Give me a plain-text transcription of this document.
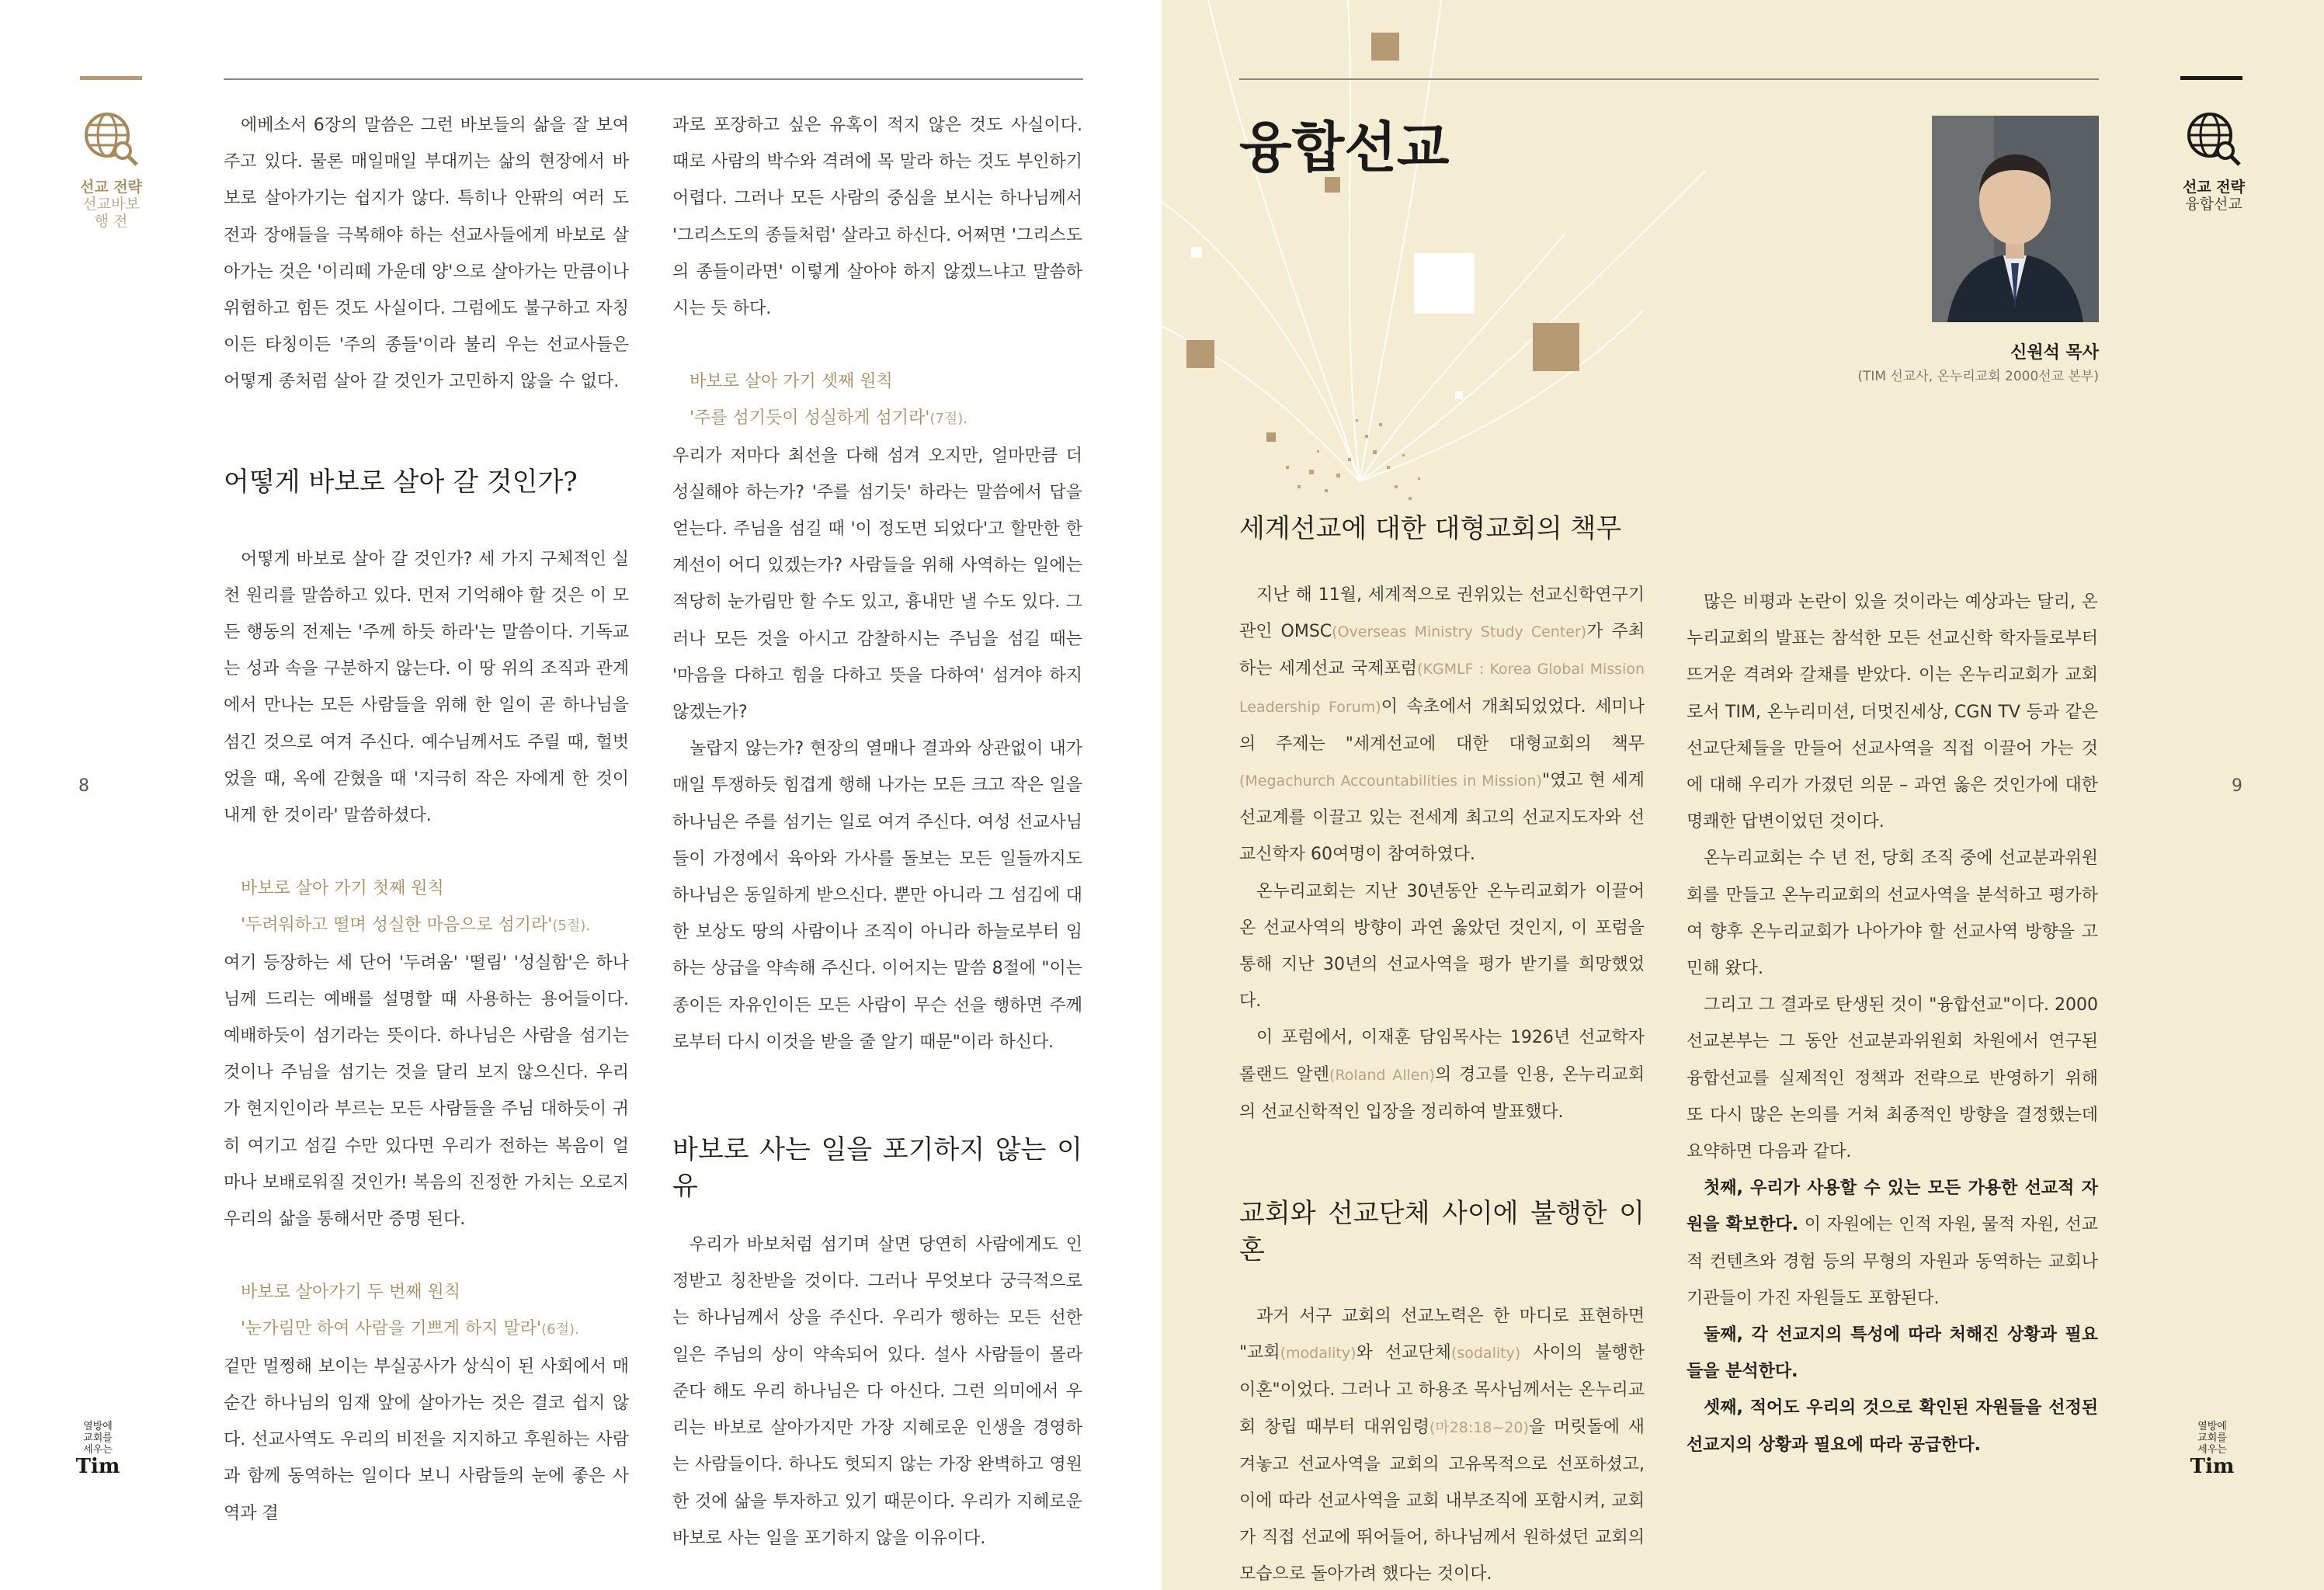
선교 전략
선교바보 행 전
8
열방에 교회를 세우는
Tim

에베소서 6장의 말씀은 그런 바보들의 삶을 잘 보여 주고 있다. 물론 매일매일 부대끼는 삶의 현장에서 바보로 살아가기는 쉽지가 않다. 특히나 안팎의 여러 도전과 장애들을 극복해야 하는 선교사들에게 바보로 살아가는 것은 '이리떼 가운데 양'으로 살아가는 만큼이나 위험하고 힘든 것도 사실이다. 그럼에도 불구하고 자칭이든 타칭이든 '주의 종들'이라 불리 우는 선교사들은 어떻게 종처럼 살아 갈 것인가 고민하지 않을 수 없다.

어떻게 바보로 살아 갈 것인가?

어떻게 바보로 살아 갈 것인가? 세 가지 구체적인 실천 원리를 말씀하고 있다. 먼저 기억해야 할 것은 이 모든 행동의 전제는 '주께 하듯 하라'는 말씀이다. 기독교는 성과 속을 구분하지 않는다. 이 땅 위의 조직과 관계에서 만나는 모든 사람들을 위해 한 일이 곧 하나님을 섬긴 것으로 여겨 주신다. 예수님께서도 주릴 때, 헐벗었을 때, 옥에 갇혔을 때 '지극히 작은 자에게 한 것이 내게 한 것이라' 말씀하셨다.

바보로 살아 가기 첫째 원칙

'두려워하고 떨며 성실한 마음으로 섬기라'(5절).

여기 등장하는 세 단어 '두려움' '떨림' '성실함'은 하나님께 드리는 예배를 설명할 때 사용하는 용어들이다. 예배하듯이 섬기라는 뜻이다. 하나님은 사람을 섬기는 것이나 주님을 섬기는 것을 달리 보지 않으신다. 우리가 현지인이라 부르는 모든 사람들을 주님 대하듯이 귀히 여기고 섬길 수만 있다면 우리가 전하는 복음이 얼마나 보배로워질 것인가! 복음의 진정한 가치는 오로지 우리의 삶을 통해서만 증명 된다.

바보로 살아가기 두 번째 원칙

'눈가림만 하여 사람을 기쁘게 하지 말라'(6절).

겉만 멀쩡해 보이는 부실공사가 상식이 된 사회에서 매 순간 하나님의 임재 앞에 살아가는 것은 결코 쉽지 않다. 선교사역도 우리의 비전을 지지하고 후원하는 사람과 함께 동역하는 일이다 보니 사람들의 눈에 좋은 사역과 결

과로 포장하고 싶은 유혹이 적지 않은 것도 사실이다. 때로 사람의 박수와 격려에 목 말라 하는 것도 부인하기 어렵다. 그러나 모든 사람의 중심을 보시는 하나님께서 '그리스도의 종들처럼' 살라고 하신다. 어쩌면 '그리스도의 종들이라면' 이렇게 살아야 하지 않겠느냐고 말씀하시는 듯 하다.

바보로 살아 가기 셋째 원칙

'주를 섬기듯이 성실하게 섬기라'(7절).

우리가 저마다 최선을 다해 섬겨 오지만, 얼마만큼 더 성실해야 하는가? '주를 섬기듯' 하라는 말씀에서 답을 얻는다. 주님을 섬길 때 '이 정도면 되었다'고 할만한 한계선이 어디 있겠는가? 사람들을 위해 사역하는 일에는 적당히 눈가림만 할 수도 있고, 흉내만 낼 수도 있다. 그러나 모든 것을 아시고 감찰하시는 주님을 섬길 때는 '마음을 다하고 힘을 다하고 뜻을 다하여' 섬겨야 하지 않겠는가?

놀랍지 않는가? 현장의 열매나 결과와 상관없이 내가 매일 투쟁하듯 힘겹게 행해 나가는 모든 크고 작은 일을 하나님은 주를 섬기는 일로 여겨 주신다. 여성 선교사님들이 가정에서 육아와 가사를 돌보는 모든 일들까지도 하나님은 동일하게 받으신다. 뿐만 아니라 그 섬김에 대한 보상도 땅의 사람이나 조직이 아니라 하늘로부터 임하는 상급을 약속해 주신다. 이어지는 말씀 8절에 "이는 종이든 자유인이든 모든 사람이 무슨 선을 행하면 주께로부터 다시 이것을 받을 줄 알기 때문"이라 하신다.

바보로 사는 일을 포기하지 않는 이유

우리가 바보처럼 섬기며 살면 당연히 사람에게도 인정받고 칭찬받을 것이다. 그러나 무엇보다 궁극적으로는 하나님께서 상을 주신다. 우리가 행하는 모든 선한 일은 주님의 상이 약속되어 있다. 설사 사람들이 몰라 준다 해도 우리 하나님은 다 아신다. 그런 의미에서 우리는 바보로 살아가지만 가장 지혜로운 인생을 경영하는 사람들이다. 하나도 헛되지 않는 가장 완벽하고 영원한 것에 삶을 투자하고 있기 때문이다. 우리가 지혜로운 바보로 사는 일을 포기하지 않을 이유이다.

선교 전략
융합선교
9
열방에 교회를 세우는
Tim
융합선교
신원석 목사
(TIM 선교사, 온누리교회 2000선교 본부)
세계선교에 대한 대형교회의 책무

지난 해 11월, 세계적으로 권위있는 선교신학연구기관인 OMSC(Overseas Ministry Study Center)가 주최하는 세계선교 국제포럼(KGMLF : Korea Global Mission Leadership Forum)이 속초에서 개최되었었다. 세미나의 주제는 "세계선교에 대한 대형교회의 책무(Megachurch Accountabilities in Mission)"였고 현 세계 선교계를 이끌고 있는 전세계 최고의 선교지도자와 선교신학자 60여명이 참여하였다.

온누리교회는 지난 30년동안 온누리교회가 이끌어 온 선교사역의 방향이 과연 옳았던 것인지, 이 포럼을 통해 지난 30년의 선교사역을 평가 받기를 희망했었다.

이 포럼에서, 이재훈 담임목사는 1926년 선교학자 롤랜드 알렌(Roland Allen)의 경고를 인용, 온누리교회의 선교신학적인 입장을 정리하여 발표했다.

교회와 선교단체 사이에 불행한 이혼

과거 서구 교회의 선교노력은 한 마디로 표현하면 "교회(modality)와 선교단체(sodality) 사이의 불행한 이혼"이었다. 그러나 고 하용조 목사님께서는 온누리교회 창립 때부터 대위임령(마28:18~20)을 머릿돌에 새겨놓고 선교사역을 교회의 고유목적으로 선포하셨고, 이에 따라 선교사역을 교회 내부조직에 포함시켜, 교회가 직접 선교에 뛰어들어, 하나님께서 원하셨던 교회의 모습으로 돌아가려 했다는 것이다.

많은 비평과 논란이 있을 것이라는 예상과는 달리, 온누리교회의 발표는 참석한 모든 선교신학 학자들로부터 뜨거운 격려와 갈채를 받았다. 이는 온누리교회가 교회로서 TIM, 온누리미션, 더멋진세상, CGN TV 등과 같은 선교단체들을 만들어 선교사역을 직접 이끌어 가는 것에 대해 우리가 가졌던 의문 – 과연 옳은 것인가에 대한 명쾌한 답변이었던 것이다.

온누리교회는 수 년 전, 당회 조직 중에 선교분과위원회를 만들고 온누리교회의 선교사역을 분석하고 평가하여 향후 온누리교회가 나아가야 할 선교사역 방향을 고민해 왔다.

그리고 그 결과로 탄생된 것이 "융합선교"이다. 2000선교본부는 그 동안 선교분과위원회 차원에서 연구된 융합선교를 실제적인 정책과 전략으로 반영하기 위해 또 다시 많은 논의를 거쳐 최종적인 방향을 결정했는데 요약하면 다음과 같다.

첫째, 우리가 사용할 수 있는 모든 가용한 선교적 자원을 확보한다. 이 자원에는 인적 자원, 물적 자원, 선교적 컨텐츠와 경험 등의 무형의 자원과 동역하는 교회나 기관들이 가진 자원들도 포함된다.

둘째, 각 선교지의 특성에 따라 처해진 상황과 필요들을 분석한다.

셋째, 적어도 우리의 것으로 확인된 자원들을 선정된 선교지의 상황과 필요에 따라 공급한다.
